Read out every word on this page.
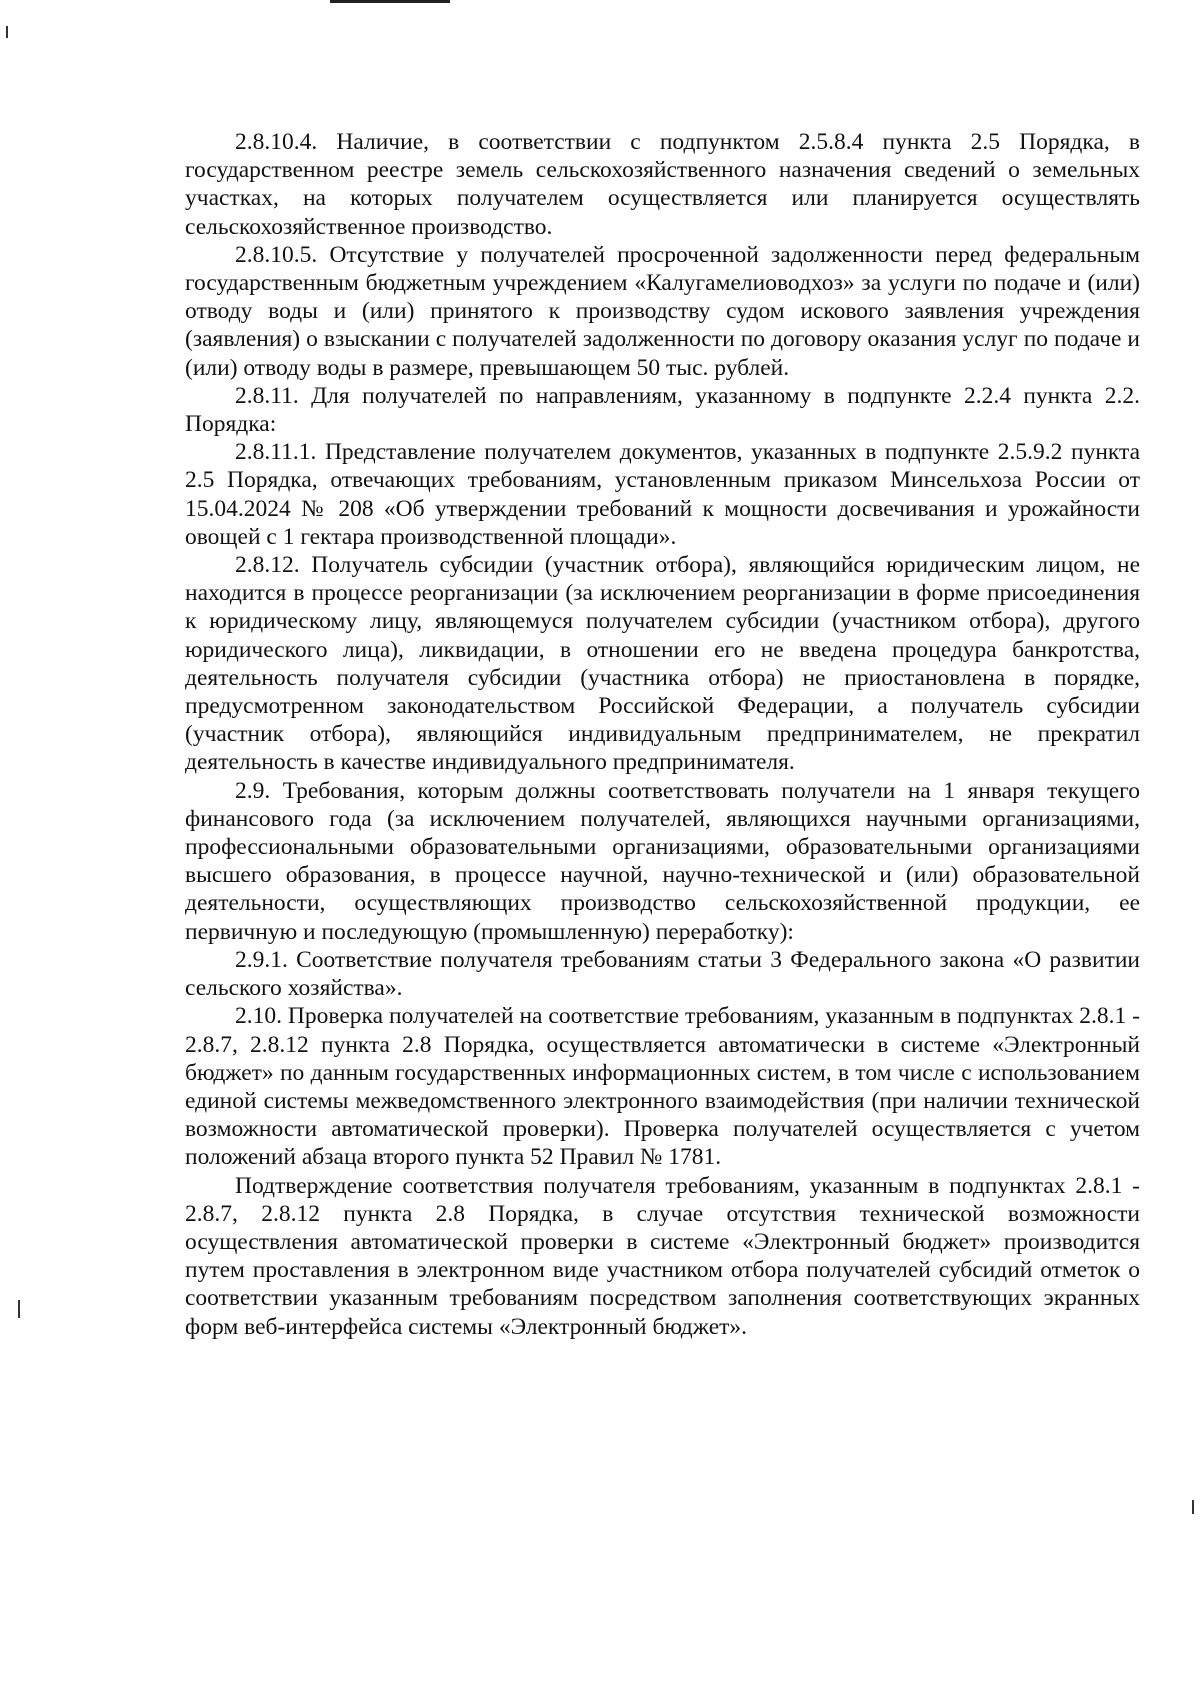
2.8.10.4. Наличие, в соответствии с подпунктом 2.5.8.4 пункта 2.5 Порядка, в государственном реестре земель сельскохозяйственного назначения сведений о земельных участках, на которых получателем осуществляется или планируется осуществлять сельскохозяйственное производство.

2.8.10.5. Отсутствие у получателей просроченной задолженности перед федеральным государственным бюджетным учреждением «Калугамелиоводхоз» за услуги по подаче и (или) отводу воды и (или) принятого к производству судом искового заявления учреждения (заявления) о взыскании с получателей задолженности по договору оказания услуг по подаче и (или) отводу воды в размере, превышающем 50 тыс. рублей.

2.8.11. Для получателей по направлениям, указанному в подпункте 2.2.4 пункта 2.2. Порядка:

2.8.11.1. Представление получателем документов, указанных в подпункте 2.5.9.2 пункта 2.5 Порядка, отвечающих требованиям, установленным приказом Минсельхоза России от 15.04.2024 № 208 «Об утверждении требований к мощности досвечивания и урожайности овощей с 1 гектара производственной площади».

2.8.12. Получатель субсидии (участник отбора), являющийся юридическим лицом, не находится в процессе реорганизации (за исключением реорганизации в форме присоединения к юридическому лицу, являющемуся получателем субсидии (участником отбора), другого юридического лица), ликвидации, в отношении его не введена процедура банкротства, деятельность получателя субсидии (участника отбора) не приостановлена в порядке, предусмотренном законодательством Российской Федерации, а получатель субсидии (участник отбора), являющийся индивидуальным предпринимателем, не прекратил деятельность в качестве индивидуального предпринимателя.

2.9. Требования, которым должны соответствовать получатели на 1 января текущего финансового года (за исключением получателей, являющихся научными организациями, профессиональными образовательными организациями, образовательными организациями высшего образования, в процессе научной, научно-технической и (или) образовательной деятельности, осуществляющих производство сельскохозяйственной продукции, ее первичную и последующую (промышленную) переработку):

2.9.1. Соответствие получателя требованиям статьи 3 Федерального закона «О развитии сельского хозяйства».

2.10. Проверка получателей на соответствие требованиям, указанным в подпунктах 2.8.1 - 2.8.7, 2.8.12 пункта 2.8 Порядка, осуществляется автоматически в системе «Электронный бюджет» по данным государственных информационных систем, в том числе с использованием единой системы межведомственного электронного взаимодействия (при наличии технической возможности автоматической проверки). Проверка получателей осуществляется с учетом положений абзаца второго пункта 52 Правил № 1781.

Подтверждение соответствия получателя требованиям, указанным в подпунктах 2.8.1 - 2.8.7, 2.8.12 пункта 2.8 Порядка, в случае отсутствия технической возможности осуществления автоматической проверки в системе «Электронный бюджет» производится путем проставления в электронном виде участником отбора получателей субсидий отметок о соответствии указанным требованиям посредством заполнения соответствующих экранных форм веб-интерфейса системы «Электронный бюджет».
